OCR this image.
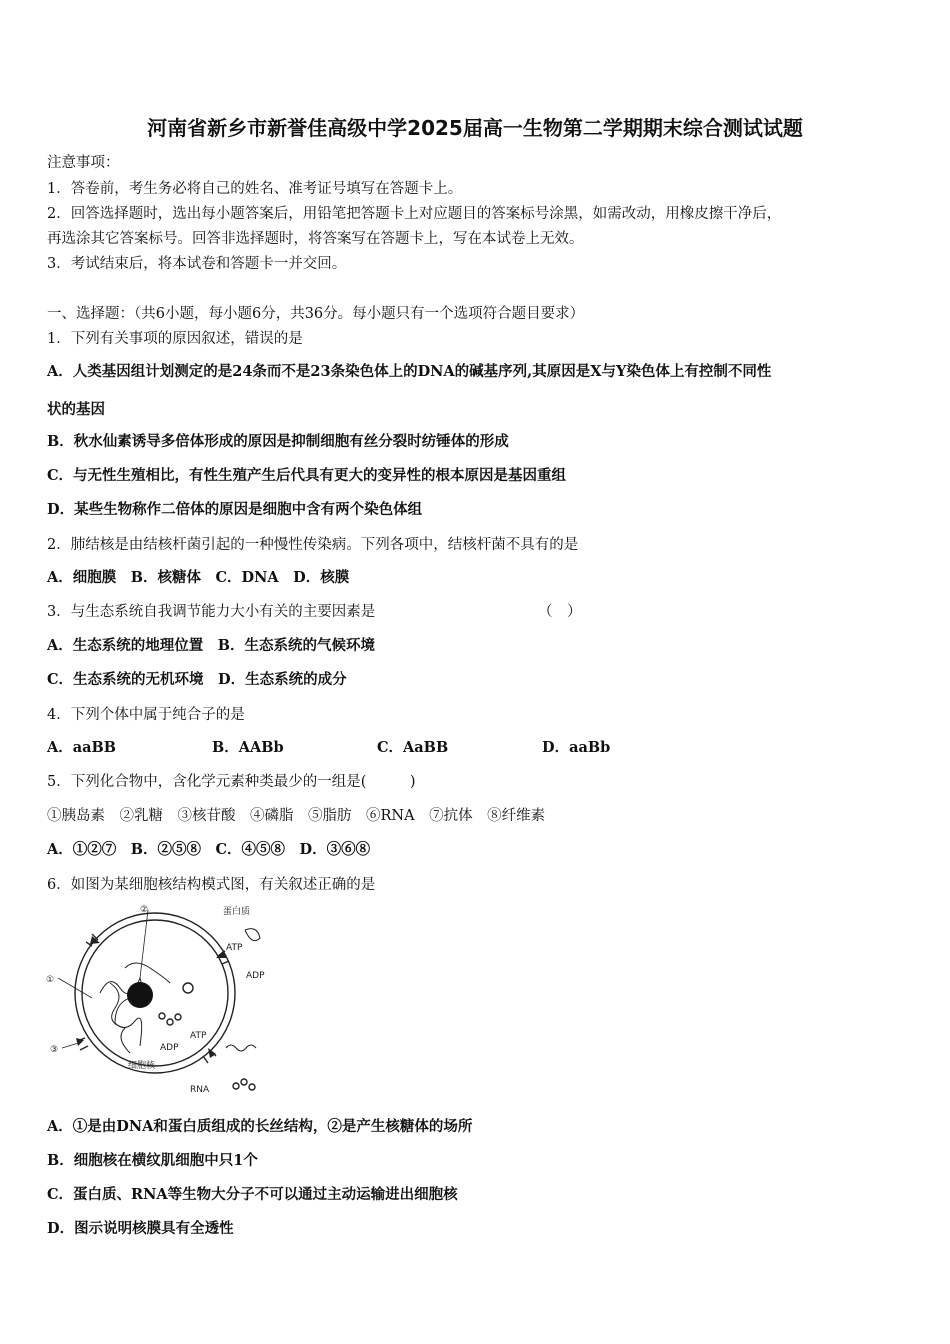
河南省新乡市新誉佳高级中学2025届高一生物第二学期期末综合测试试题
注意事项：
1．答卷前，考生务必将自己的姓名、准考证号填写在答题卡上。
2．回答选择题时，选出每小题答案后，用铅笔把答题卡上对应题目的答案标号涂黑，如需改动，用橡皮擦干净后，
再选涂其它答案标号。回答非选择题时，将答案写在答题卡上，写在本试卷上无效。
3．考试结束后，将本试卷和答题卡一并交回。
一、选择题：（共6小题，每小题6分，共36分。每小题只有一个选项符合题目要求）
1．下列有关事项的原因叙述，错误的是
A．人类基因组计划测定的是24条而不是23条染色体上的DNA的碱基序列,其原因是X与Y染色体上有控制不同性
状的基因
B．秋水仙素诱导多倍体形成的原因是抑制细胞有丝分裂时纺锤体的形成
C．与无性生殖相比，有性生殖产生后代具有更大的变异性的根本原因是基因重组
D．某些生物称作二倍体的原因是细胞中含有两个染色体组
2．肺结核是由结核杆菌引起的一种慢性传染病。下列各项中，结核杆菌不具有的是
A．细胞膜　B．核糖体　C．DNA　D．核膜
3．与生态系统自我调节能力大小有关的主要因素是	（　）
A．生态系统的地理位置　B．生态系统的气候环境
C．生态系统的无机环境　D．生态系统的成分
4．下列个体中属于纯合子的是
A．aaBB	B．AABb	C．AaBB	D．aaBb
5．下列化合物中，含化学元素种类最少的一组是(　　　)
①胰岛素　②乳糖　③核苷酸　④磷脂　⑤脂肪　⑥RNA　⑦抗体　⑧纤维素
A．①②⑦　B．②⑤⑧　C．④⑤⑧　D．③⑥⑧
6．如图为某细胞核结构模式图，有关叙述正确的是
蛋白质
ATP
ADP
ATP
ADP
细胞核
RNA
①
②
③
A．①是由DNA和蛋白质组成的长丝结构，②是产生核糖体的场所
B．细胞核在横纹肌细胞中只1个
C．蛋白质、RNA等生物大分子不可以通过主动运输进出细胞核
D．图示说明核膜具有全透性
